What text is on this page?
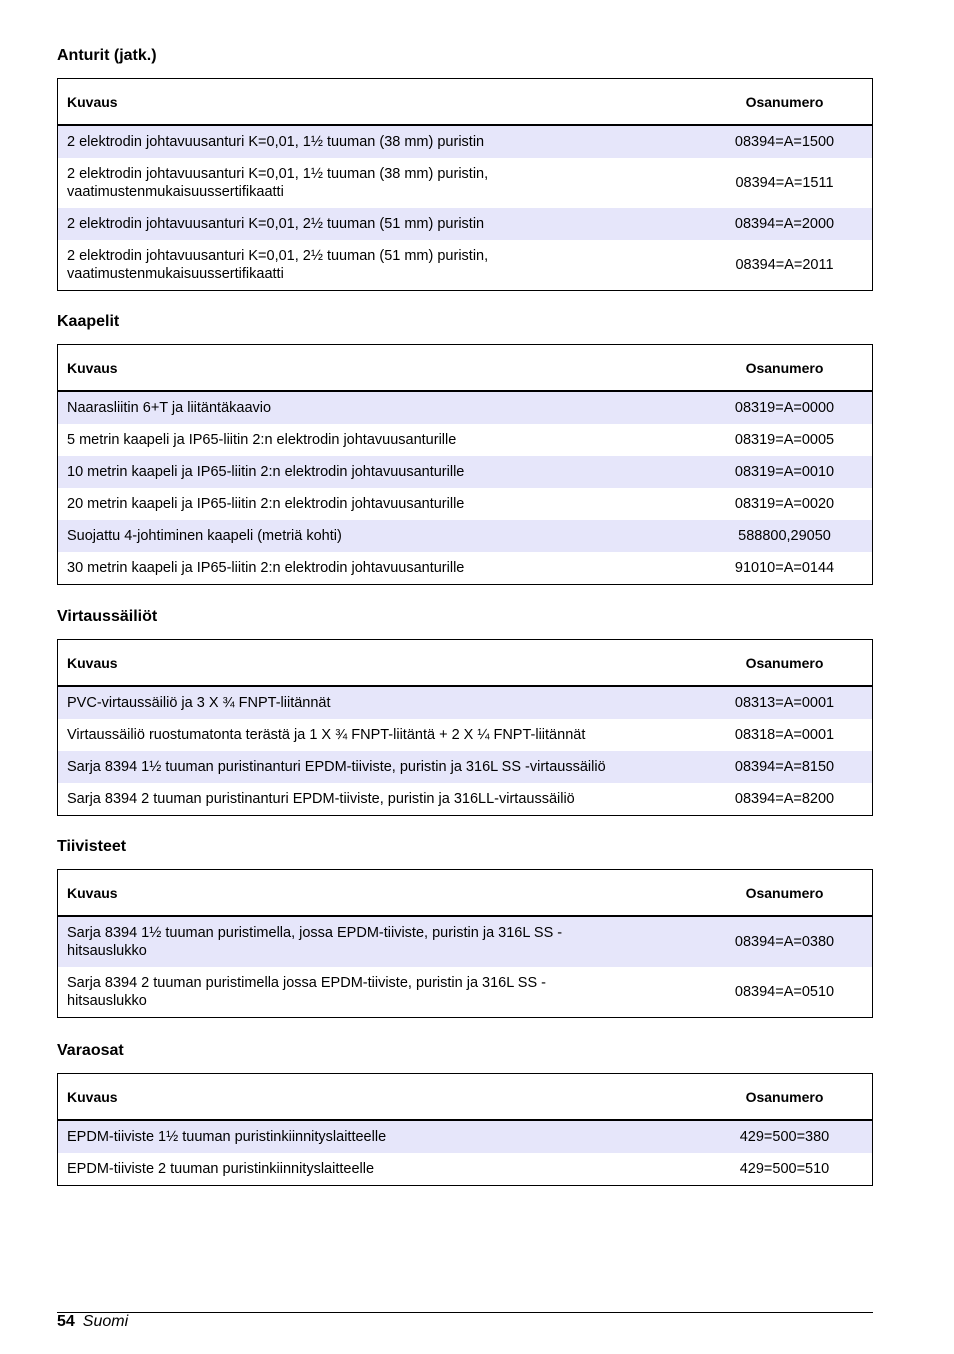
Anturit (jatk.)
Kuvaus	Osanumero
2 elektrodin johtavuusanturi K=0,01, 1½ tuuman (38 mm) puristin	08394=A=1500
2 elektrodin johtavuusanturi K=0,01, 1½ tuuman (38 mm) puristin,
vaatimustenmukaisuussertifikaatti	08394=A=1511
2 elektrodin johtavuusanturi K=0,01, 2½ tuuman (51 mm) puristin	08394=A=2000
2 elektrodin johtavuusanturi K=0,01, 2½ tuuman (51 mm) puristin,
vaatimustenmukaisuussertifikaatti	08394=A=2011
Kaapelit
Kuvaus	Osanumero
Naarasliitin 6+T ja liitäntäkaavio	08319=A=0000
5 metrin kaapeli ja IP65-liitin 2:n elektrodin johtavuusanturille	08319=A=0005
10 metrin kaapeli ja IP65-liitin 2:n elektrodin johtavuusanturille	08319=A=0010
20 metrin kaapeli ja IP65-liitin 2:n elektrodin johtavuusanturille	08319=A=0020
Suojattu 4-johtiminen kaapeli (metriä kohti)	588800,29050
30 metrin kaapeli ja IP65-liitin 2:n elektrodin johtavuusanturille	91010=A=0144
Virtaussäiliöt
Kuvaus	Osanumero
PVC-virtaussäiliö ja 3 X ¾ FNPT-liitännät	08313=A=0001
Virtaussäiliö ruostumatonta terästä ja 1 X ¾ FNPT-liitäntä + 2 X ¼ FNPT-liitännät	08318=A=0001
Sarja 8394 1½ tuuman puristinanturi EPDM-tiiviste, puristin ja 316L SS -virtaussäiliö	08394=A=8150
Sarja 8394 2 tuuman puristinanturi EPDM-tiiviste, puristin ja 316LL-virtaussäiliö	08394=A=8200
Tiivisteet
Kuvaus	Osanumero
Sarja 8394 1½ tuuman puristimella, jossa EPDM-tiiviste, puristin ja 316L SS -
hitsauslukko	08394=A=0380
Sarja 8394 2 tuuman puristimella jossa EPDM-tiiviste, puristin ja 316L SS -
hitsauslukko	08394=A=0510
Varaosat
Kuvaus	Osanumero
EPDM-tiiviste 1½ tuuman puristinkiinnityslaitteelle	429=500=380
EPDM-tiiviste 2 tuuman puristinkiinnityslaitteelle	429=500=510
54 Suomi
